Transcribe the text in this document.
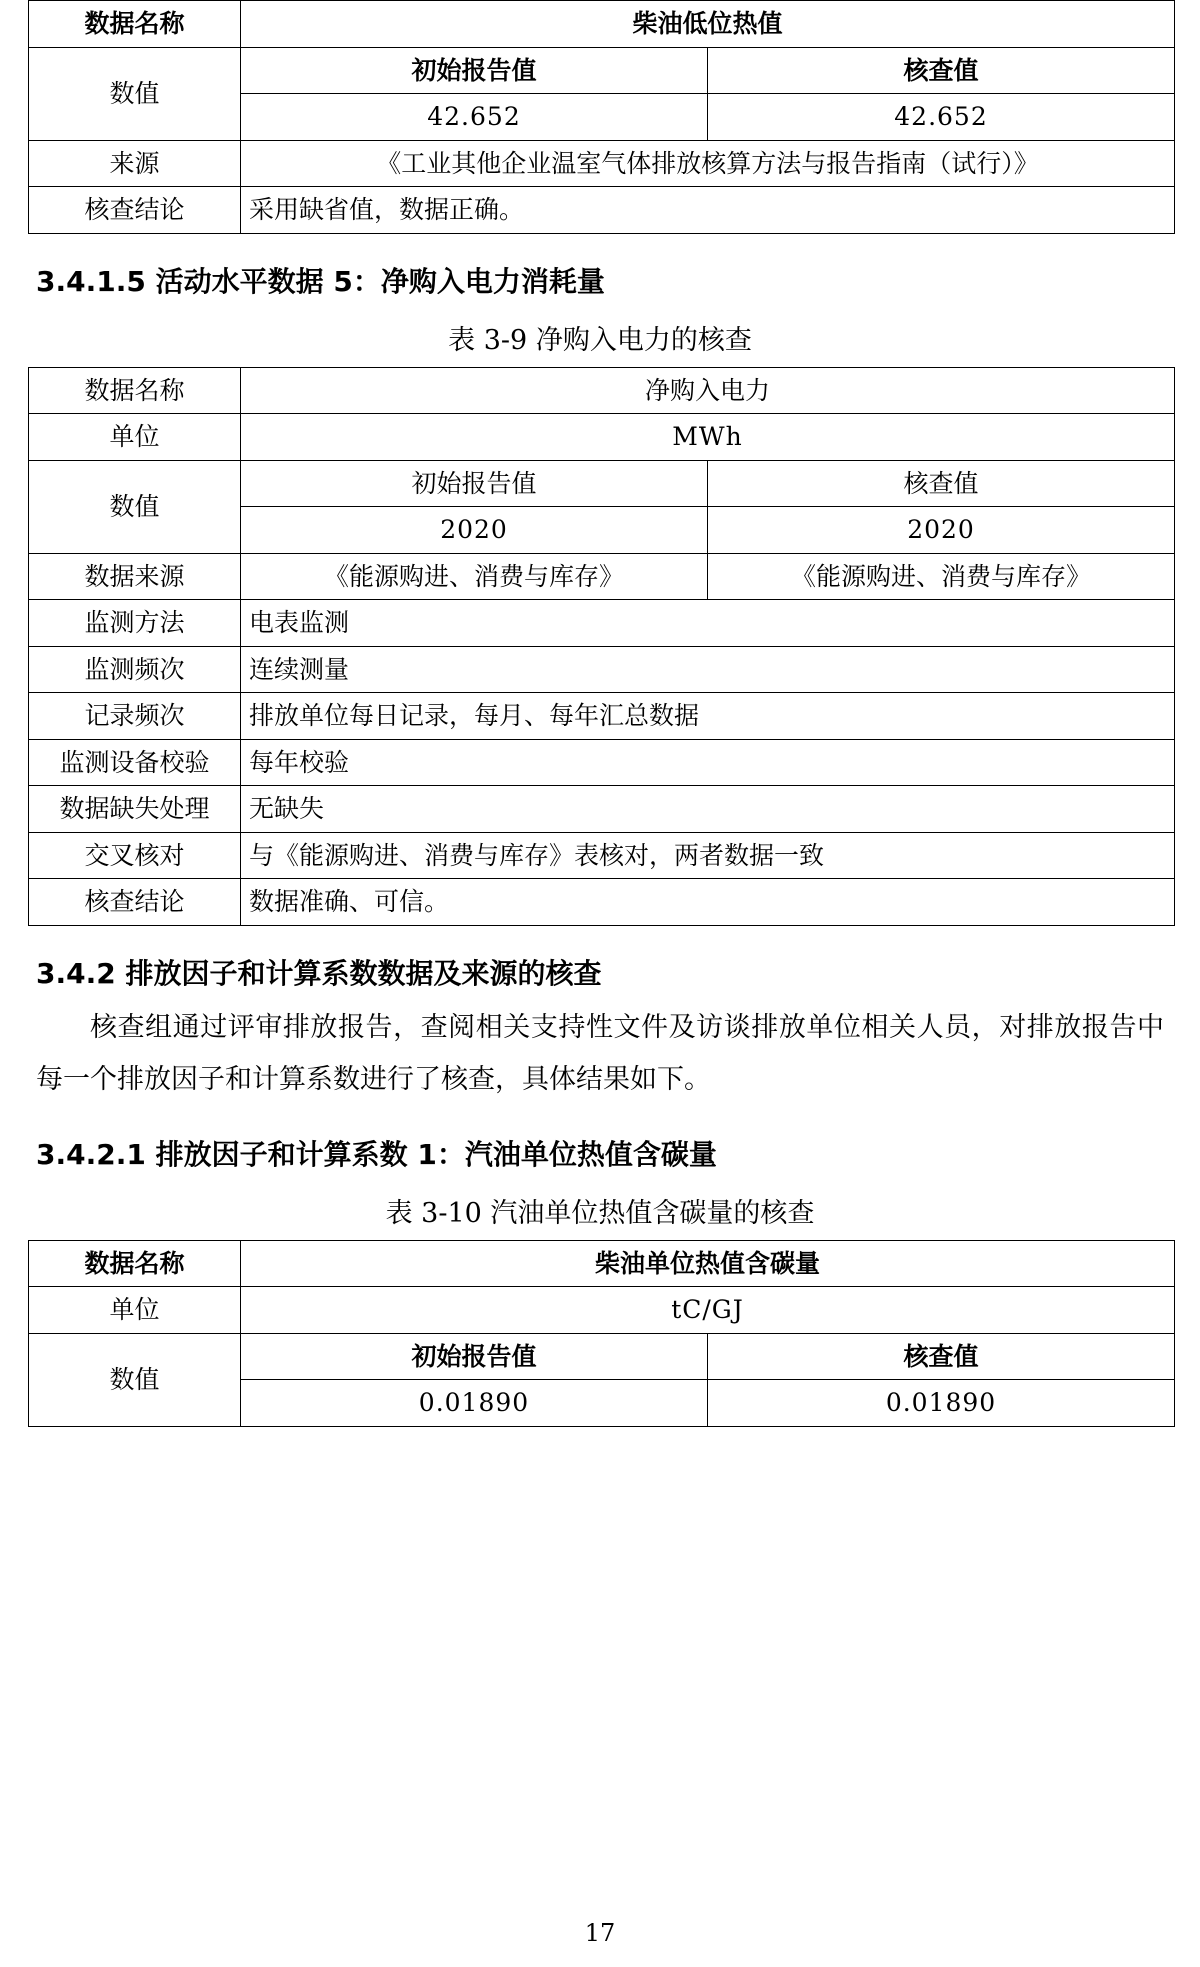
数据名称	柴油低位热值	
数值	初始报告值	核查值
	42.652	42.652
来源	《工业其他企业温室气体排放核算方法与报告指南（试行）》	
核查结论	采用缺省值，数据正确。	
3.4.1.5 活动水平数据 5：净购入电力消耗量
表 3-9 净购入电力的核查
数据名称	净购入电力	
单位	MWh	
数值	初始报告值	核查值
	2020	2020
数据来源	《能源购进、消费与库存》	《能源购进、消费与库存》
监测方法	电表监测	
监测频次	连续测量	
记录频次	排放单位每日记录，每月、每年汇总数据	
监测设备校验	每年校验	
数据缺失处理	无缺失	
交叉核对	与《能源购进、消费与库存》表核对，两者数据一致	
核查结论	数据准确、可信。	
3.4.2 排放因子和计算系数数据及来源的核查

核查组通过评审排放报告，查阅相关支持性文件及访谈排放单位相关人员，对排放报告中每一个排放因子和计算系数进行了核查，具体结果如下。

3.4.2.1 排放因子和计算系数 1：汽油单位热值含碳量
表 3-10 汽油单位热值含碳量的核查
数据名称	柴油单位热值含碳量	
单位	tC/GJ	
数值	初始报告值	核查值
	0.01890	0.01890
17
